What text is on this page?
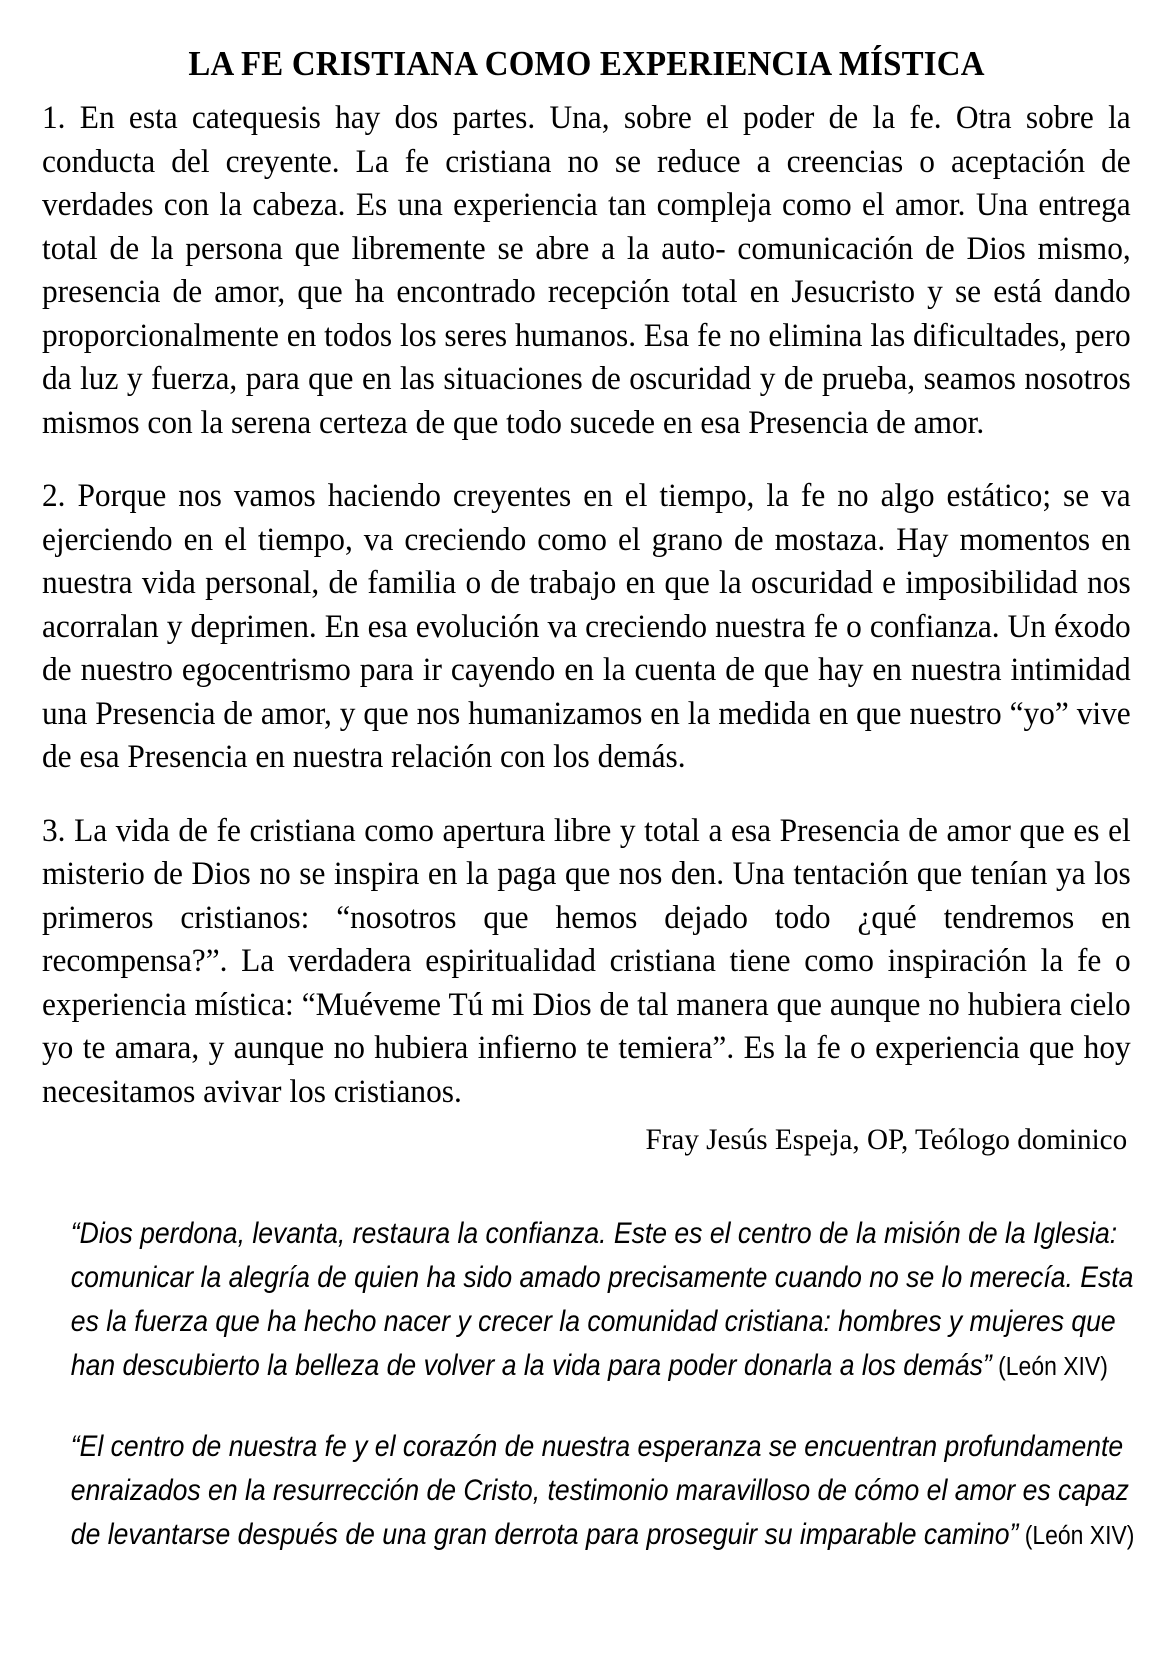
LA FE CRISTIANA COMO EXPERIENCIA MÍSTICA

1. En esta catequesis hay dos partes. Una, sobre el poder de la fe. Otra sobre la conducta del creyente. La fe cristiana no se reduce a creencias o aceptación de verdades con la cabeza. Es una experiencia tan compleja como el amor. Una entrega total de la persona que libremente se abre a la auto- comunicación de Dios mismo, presencia de amor, que ha encontrado recepción total en Jesucristo y se está dando proporcionalmente en todos los seres humanos. Esa fe no elimina las dificultades, pero da luz y fuerza, para que en las situaciones de oscuridad y de prueba, seamos nosotros mismos con la serena certeza de que todo sucede en esa Presencia de amor.

2. Porque nos vamos haciendo creyentes en el tiempo, la fe no algo estático; se va ejerciendo en el tiempo, va creciendo como el grano de mostaza. Hay momentos en nuestra vida personal, de familia o de trabajo en que la oscuridad e imposibilidad nos acorralan y deprimen. En esa evolución va creciendo nuestra fe o confianza. Un éxodo de nuestro egocentrismo para ir cayendo en la cuenta de que hay en nuestra intimidad una Presencia de amor, y que nos humanizamos en la medida en que nuestro “yo” vive de esa Presencia en nuestra relación con los demás.

3. La vida de fe cristiana como apertura libre y total a esa Presencia de amor que es el misterio de Dios no se inspira en la paga que nos den. Una tentación que tenían ya los primeros cristianos: “nosotros que hemos dejado todo ¿qué tendremos en recompensa?”. La verdadera espiritualidad cristiana tiene como inspiración la fe o experiencia mística: “Muéveme Tú mi Dios de tal manera que aunque no hubiera cielo yo te amara, y aunque no hubiera infierno te temiera”. Es la fe o experiencia que hoy necesitamos avivar los cristianos.

Fray Jesús Espeja, OP, Teólogo dominico

“Dios perdona, levanta, restaura la confianza. Este es el centro de la misión de la Iglesia: comunicar la alegría de quien ha sido amado precisamente cuando no se lo merecía. Esta es la fuerza que ha hecho nacer y crecer la comunidad cristiana: hombres y mujeres que han descubierto la belleza de volver a la vida para poder donarla a los demás” (León XIV)

“El centro de nuestra fe y el corazón de nuestra esperanza se encuentran profundamente enraizados en la resurrección de Cristo, testimonio maravilloso de cómo el amor es capaz de levantarse después de una gran derrota para proseguir su imparable camino” (León XIV)
